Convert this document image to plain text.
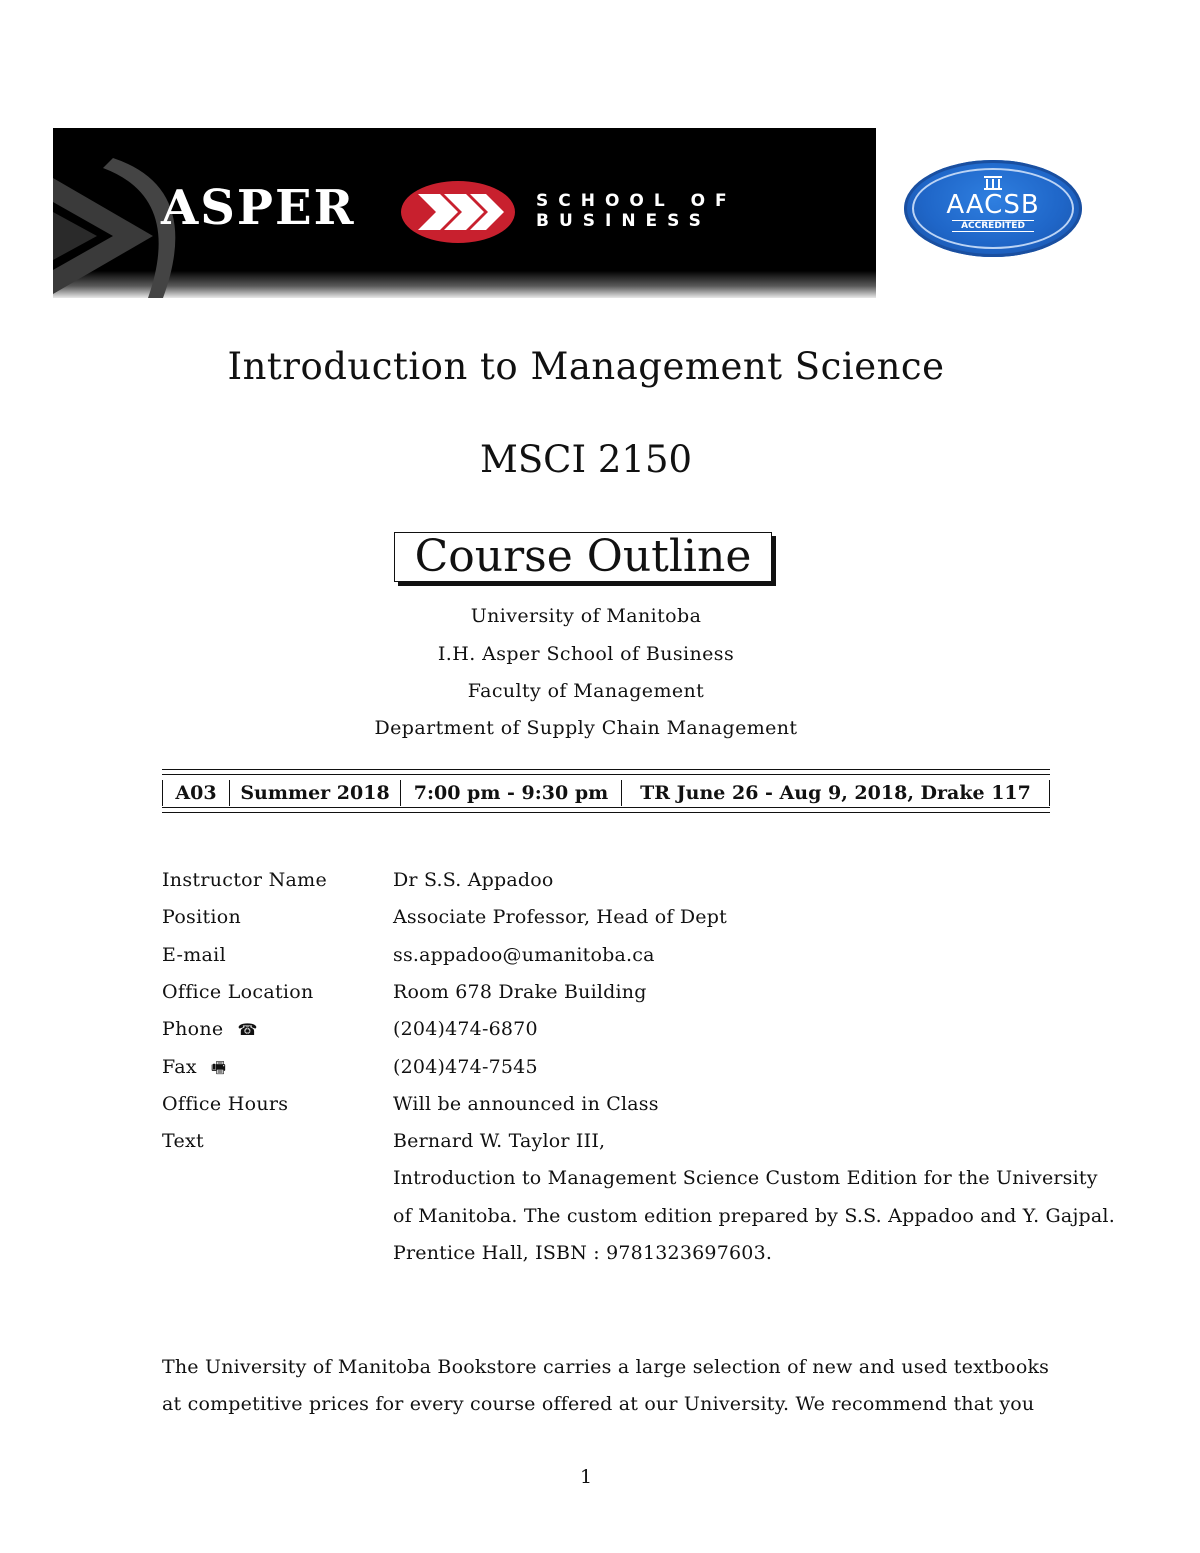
ASPER	SCHOOL OF
BUSINESS
AACSB
ACCREDITED
Introduction to Management Science
MSCI 2150
Course Outline
University of Manitoba
I.H. Asper School of Business
Faculty of Management
Department of Supply Chain Management
A03	Summer 2018	7:00 pm - 9:30 pm	TR June 26 - Aug 9, 2018, Drake 117
Instructor Name	Dr S.S. Appadoo
Position	Associate Professor, Head of Dept
E-mail	ss.appadoo@umanitoba.ca
Office Location	Room 678 Drake Building
Phone ☎	(204)474-6870
Fax 🖷	(204)474-7545
Office Hours	Will be announced in Class
Text	Bernard W. Taylor III,
Introduction to Management Science Custom Edition for the University
of Manitoba. The custom edition prepared by S.S. Appadoo and Y. Gajpal.
Prentice Hall, ISBN : 9781323697603.
The University of Manitoba Bookstore carries a large selection of new and used textbooks
at competitive prices for every course offered at our University. We recommend that you
1
